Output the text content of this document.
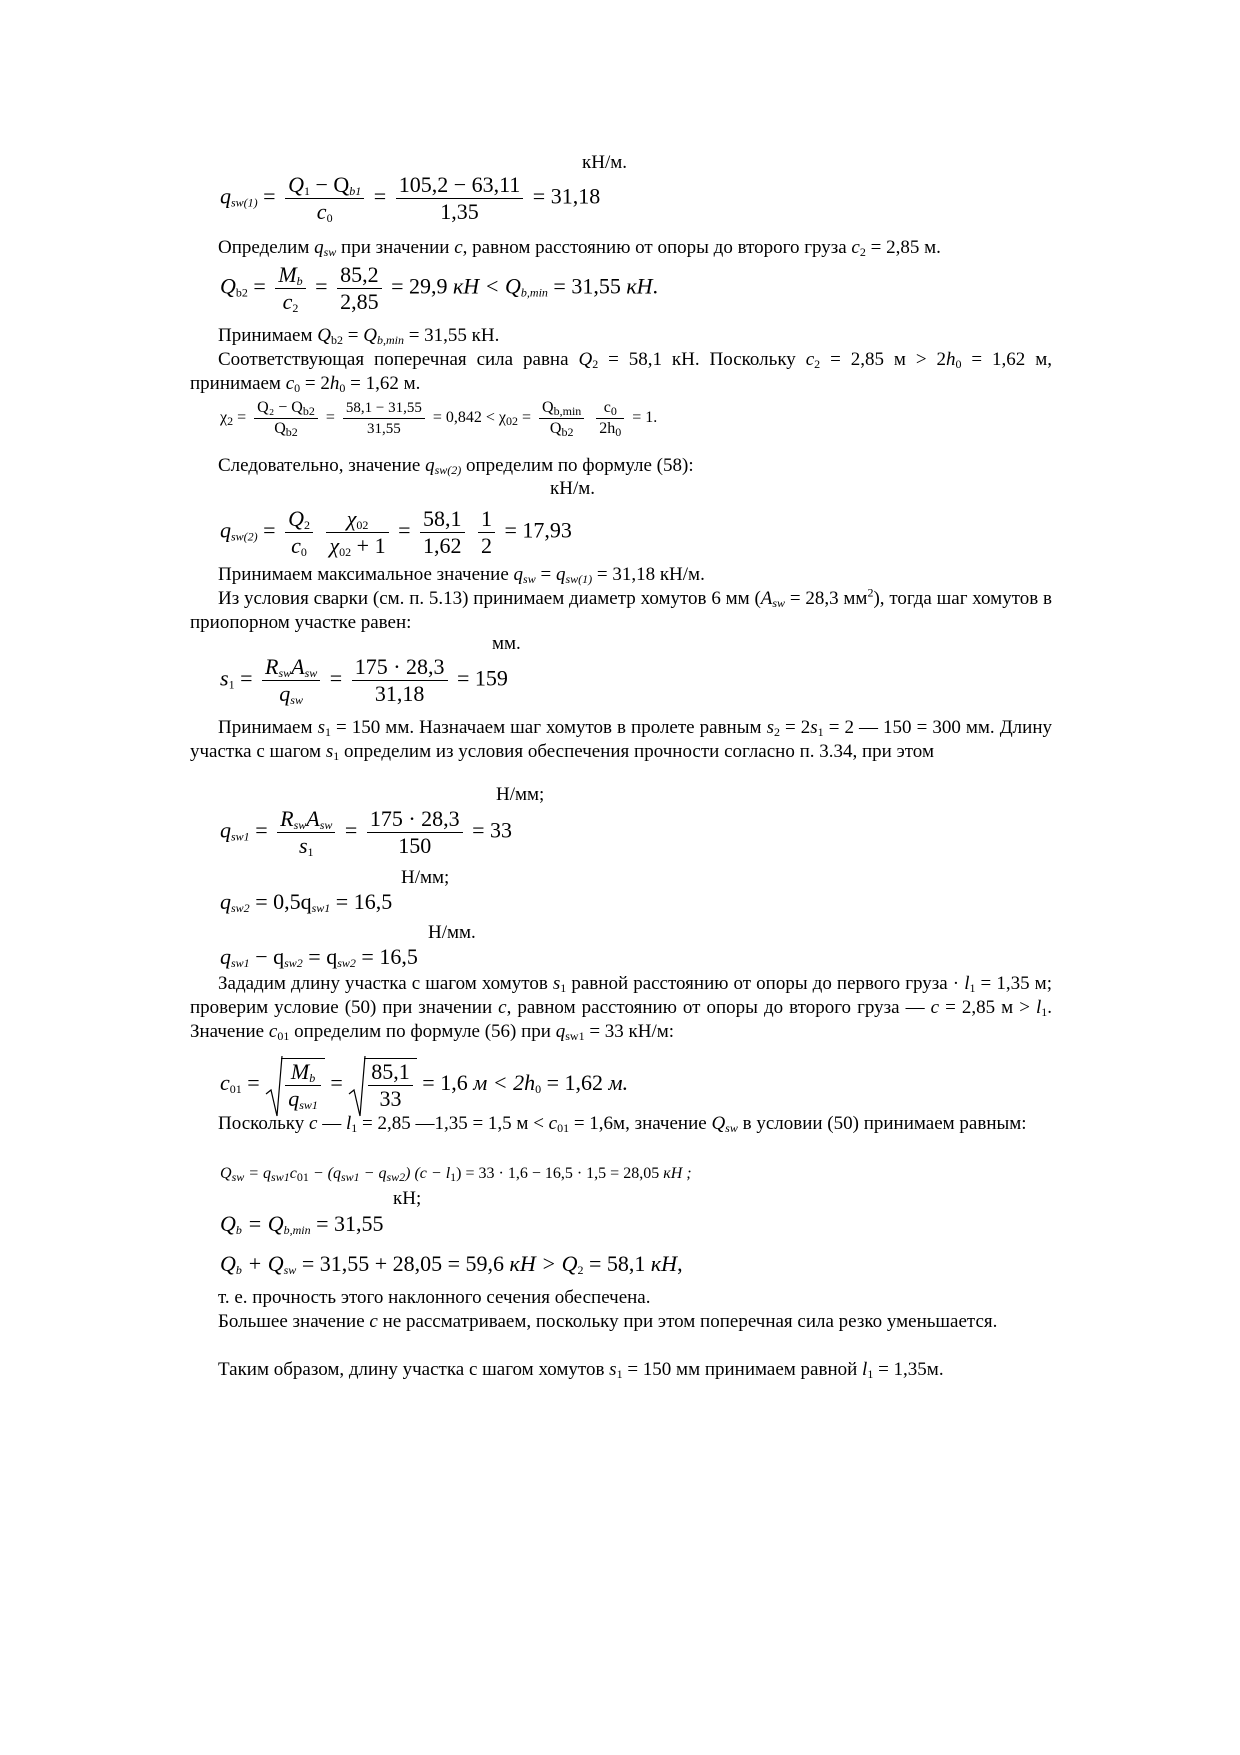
кН/м.
$q_{sw(1)} = \frac{Q_1 - Q_{b1}}{c_0} = \frac{105,2 - 63,11}{1,35} = 31,18$
Определим $q_{sw}$ при значении c, равном расстоянию от опоры до второго груза $c_2 = 2,85$ м.
$Q_{b2} = \frac{M_b}{c_2} = \frac{85,2}{2,85} = 29,9$ кН < $Q_{b,min} = 31,55$ кН.
Принимаем $Q_{b2} = Q_{b,min} = 31,55$ кН.
Соответствующая поперечная сила равна $Q_2 = 58,1$ кН. Поскольку $c_2 = 2,85$ $м > 2h_0 = 1,62$ м, принимаем $c_0 = 2h_0 = 1,62$ м.
$\chi_2 = \frac{Q_2 - Q_{b2}}{Q_{b2}} = \frac{58,1 - 31,55}{31,55} = 0,842 < \chi_{02} = \frac{Q_{b,min}}{Q_{b2}}$
$\frac{c_0}{2h_0} = 1$.
Следовательно, значение $q_{sw(2)}$ определим по формуле (58):
кН/м.
$q_{sw(2)} = \frac{Q_2}{c_0}$
$\frac{\chi_{02}}{\chi_{02} + 1} = \frac{58,1}{1,62}$
$\frac{1}{2} = 17,93$
Принимаем максимальное значение $q_{sw} = q_{sw(1)} = 31,18$ кН/м.
Из условия сварки (см. п. 5.13) принимаем диаметр хомутов 6 мм ($A_{sw} = 28,3$ $мм^2$), тогда шаг хомутов в приопорном участке равен:
мм.
$s_1 = \frac{R_{sw}A_{sw}}{q_{sw}} = \frac{175 \cdot 28,3}{31,18} = 159$
Принимаем $s_1 = 150$ мм. Назначаем шаг хомутов в пролете равным $s_2 = 2s_1 = 2$ — 150 = 300 мм. Длину участка с шагом $s_1$ определим из условия обеспечения прочности согласно п. 3.34, при этом
Н/мм;
$q_{sw1} = \frac{R_{sw}A_{sw}}{s_1} = \frac{175 \cdot 28,3}{150} = 33$
Н/мм;
$q_{sw2} = 0,5q_{sw1} = 16,5$
Н/мм.
$q_{sw1} - q_{sw2} = q_{sw2} = 16,5$
Зададим длину участка с шагом хомутов $s_1$ равной расстоянию от опоры до первого груза · $l_1 = 1,35$ м; проверим условие (50) при значении c, равном расстоянию от опоры до второго груза — c = 2,85 $м > l_1$. Значение $c_{01}$ определим по формуле (56) при $q_{sw1} = 33$ кН/м:
$c_{01} = \frac{M_b}{q_{sw1}} = \frac{85,1}{33} = 1,6$ $м < 2h_0 = 1,62$ м.
Поскольку c — $l_1 = 2,85$ —1,35 = 1,5 $м < c_{01} = 1,6м$, значение $Q_{sw}$ в условии (50) принимаем равным:
$Q_{sw} = q_{sw1}c_{01} - (q_{sw1} - q_{sw2}) (c - l_1) = 33 \cdot 1,6 - 16,5 \cdot 1,5 = 28,05$ кН ;
кН;
$Q_b = Q_{b,min} = 31,55$
$Q_b + Q_{sw} = 31,55 + 28,05 = 59,6$ кН > $Q_2 = 58,1$ кН,
т. е. прочность этого наклонного сечения обеспечена.
Большее значение c не рассматриваем, поскольку при этом поперечная сила резко уменьшается.
Таким образом, длину участка с шагом хомутов $s_1 = 150$ мм принимаем равной $l_1 = 1,35м$.
